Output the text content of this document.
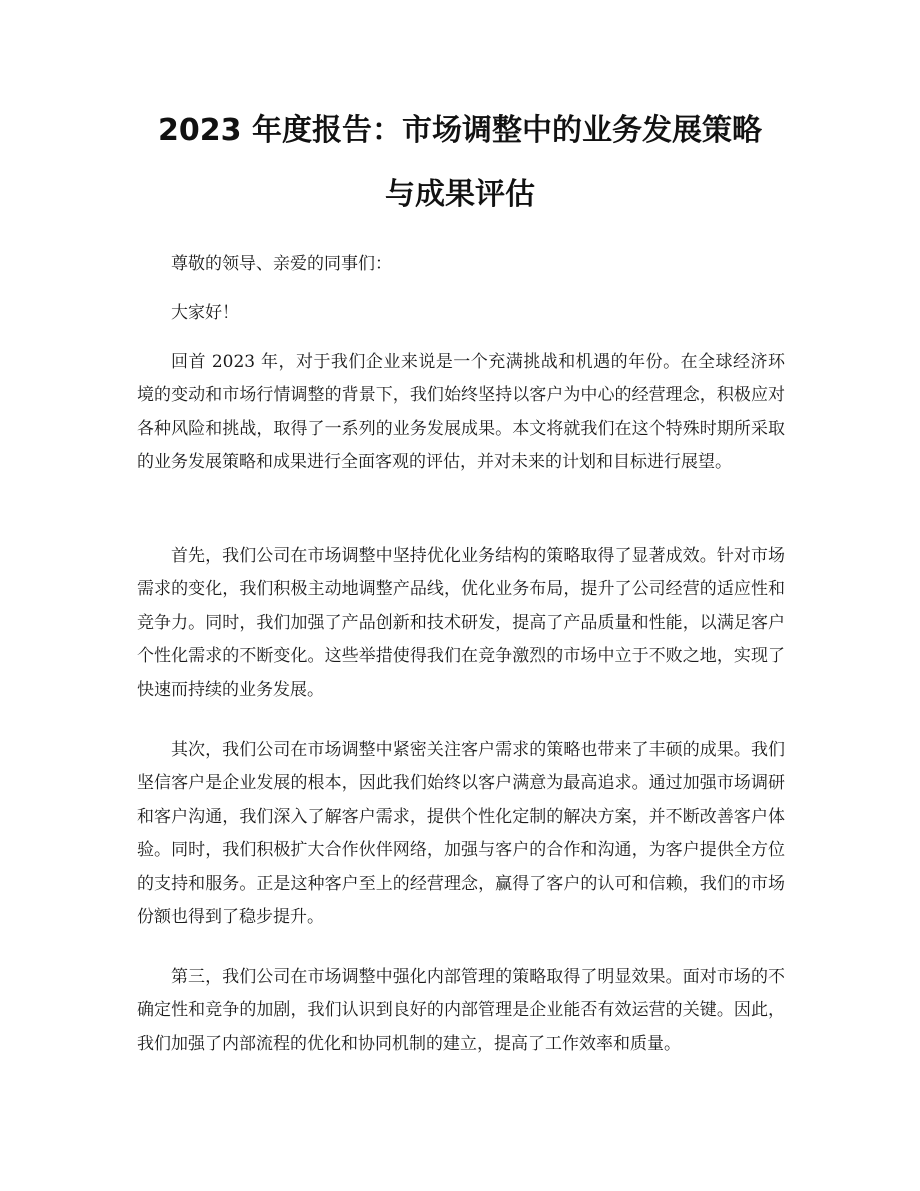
2023 年度报告：市场调整中的业务发展策略
与成果评估

尊敬的领导、亲爱的同事们：

大家好！

回首 2023 年，对于我们企业来说是一个充满挑战和机遇的年份。在全球经济环境的变动和市场行情调整的背景下，我们始终坚持以客户为中心的经营理念，积极应对各种风险和挑战，取得了一系列的业务发展成果。本文将就我们在这个特殊时期所采取的业务发展策略和成果进行全面客观的评估，并对未来的计划和目标进行展望。

首先，我们公司在市场调整中坚持优化业务结构的策略取得了显著成效。针对市场需求的变化，我们积极主动地调整产品线，优化业务布局，提升了公司经营的适应性和竞争力。同时，我们加强了产品创新和技术研发，提高了产品质量和性能，以满足客户个性化需求的不断变化。这些举措使得我们在竞争激烈的市场中立于不败之地，实现了快速而持续的业务发展。

其次，我们公司在市场调整中紧密关注客户需求的策略也带来了丰硕的成果。我们坚信客户是企业发展的根本，因此我们始终以客户满意为最高追求。通过加强市场调研和客户沟通，我们深入了解客户需求，提供个性化定制的解决方案，并不断改善客户体验。同时，我们积极扩大合作伙伴网络，加强与客户的合作和沟通，为客户提供全方位的支持和服务。正是这种客户至上的经营理念，赢得了客户的认可和信赖，我们的市场份额也得到了稳步提升。

第三，我们公司在市场调整中强化内部管理的策略取得了明显效果。面对市场的不确定性和竞争的加剧，我们认识到良好的内部管理是企业能否有效运营的关键。因此，我们加强了内部流程的优化和协同机制的建立，提高了工作效率和质量。
